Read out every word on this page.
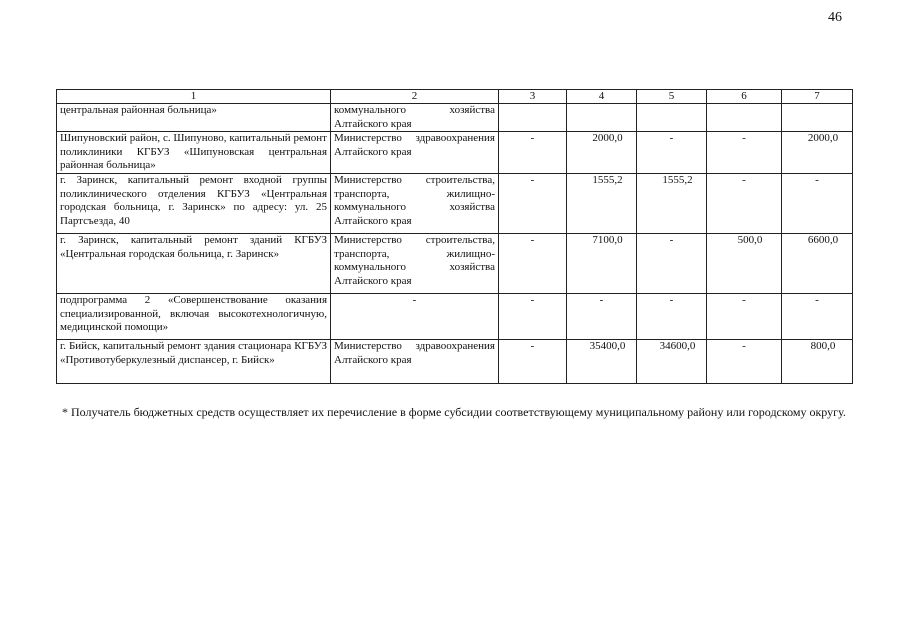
46
1	2	3	4	5	6	7
центральная районная больница»	коммунального хозяйства Алтайского края					
Шипуновский район, с. Шипуново, капитальный ремонт поликлиники КГБУЗ «Шипуновская центральная районная больница»	Министерство здравоохранения Алтайского края	-	2000,0	-	-	2000,0
г. Заринск, капитальный ремонт входной группы поликлинического отделения КГБУЗ «Центральная городская больница, г. Заринск» по адресу: ул. 25 Партсъезда, 40	Министерство строительства, транспорта, жилищно-коммунального хозяйства Алтайского края	-	1555,2	1555,2	-	-
г. Заринск, капитальный ремонт зданий КГБУЗ «Центральная городская больница, г. Заринск»	Министерство строительства, транспорта, жилищно-коммунального хозяйства Алтайского края	-	7100,0	-	500,0	6600,0
подпрограмма 2 «Совершенствование оказания специализированной, включая высокотехнологичную, медицинской помощи»	-	-	-	-	-	-
г. Бийск, капитальный ремонт здания стационара КГБУЗ «Противотуберкулезный диспансер, г. Бийск»	Министерство здравоохранения Алтайского края	-	35400,0	34600,0	-	800,0
* Получатель бюджетных средств осуществляет их перечисление в форме субсидии соответствующему муниципальному району или городскому округу.
